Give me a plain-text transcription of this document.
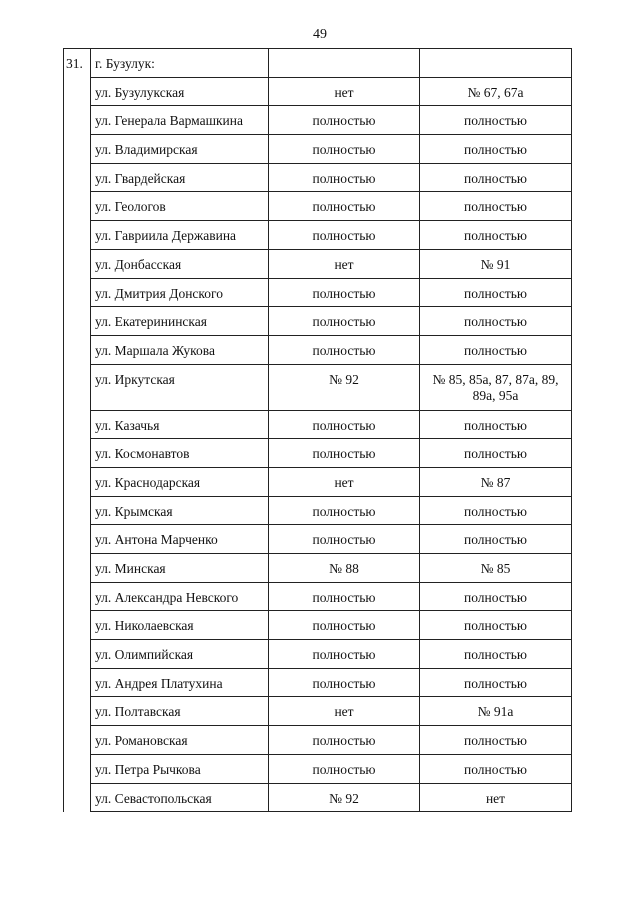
49
31.	г. Бузулук:		
	ул. Бузулукская	нет	№ 67, 67а
	ул. Генерала Вармашкина	полностью	полностью
	ул. Владимирская	полностью	полностью
	ул. Гвардейская	полностью	полностью
	ул. Геологов	полностью	полностью
	ул. Гавриила Державина	полностью	полностью
	ул. Донбасская	нет	№ 91
	ул. Дмитрия Донского	полностью	полностью
	ул. Екатерининская	полностью	полностью
	ул. Маршала Жукова	полностью	полностью
	ул. Иркутская	№ 92	№ 85, 85а, 87, 87а, 89, 89а, 95а
	ул. Казачья	полностью	полностью
	ул. Космонавтов	полностью	полностью
	ул. Краснодарская	нет	№ 87
	ул. Крымская	полностью	полностью
	ул. Антона Марченко	полностью	полностью
	ул. Минская	№ 88	№ 85
	ул. Александра Невского	полностью	полностью
	ул. Николаевская	полностью	полностью
	ул. Олимпийская	полностью	полностью
	ул. Андрея Платухина	полностью	полностью
	ул. Полтавская	нет	№ 91а
	ул. Романовская	полностью	полностью
	ул. Петра Рычкова	полностью	полностью
	ул. Севастопольская	№ 92	нет
